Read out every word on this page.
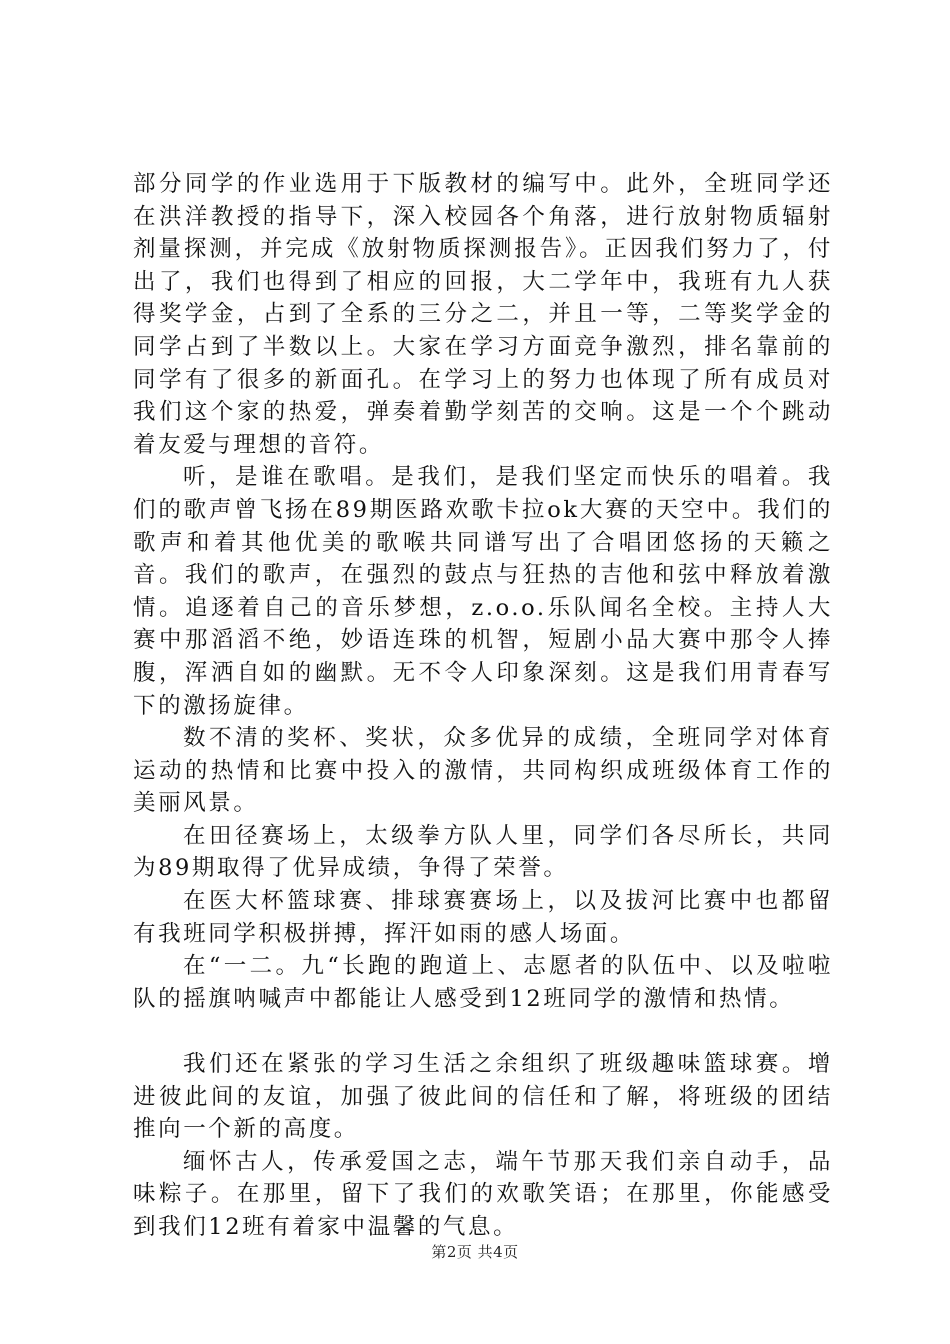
部分同学的作业选用于下版教材的编写中。此外，全班同学还在洪洋教授的指导下，深入校园各个角落，进行放射物质辐射剂量探测，并完成《放射物质探测报告》。正因我们努力了，付出了，我们也得到了相应的回报，大二学年中，我班有九人获得奖学金，占到了全系的三分之二，并且一等，二等奖学金的同学占到了半数以上。大家在学习方面竞争激烈，排名靠前的同学有了很多的新面孔。在学习上的努力也体现了所有成员对我们这个家的热爱，弹奏着勤学刻苦的交响。这是一个个跳动着友爱与理想的音符。

听，是谁在歌唱。是我们，是我们坚定而快乐的唱着。我们的歌声曾飞扬在89期医路欢歌卡拉ok大赛的天空中。我们的歌声和着其他优美的歌喉共同谱写出了合唱团悠扬的天籁之音。我们的歌声，在强烈的鼓点与狂热的吉他和弦中释放着激情。追逐着自己的音乐梦想，z.o.o.乐队闻名全校。主持人大赛中那滔滔不绝，妙语连珠的机智，短剧小品大赛中那令人捧腹，浑洒自如的幽默。无不令人印象深刻。这是我们用青春写下的激扬旋律。

数不清的奖杯、奖状，众多优异的成绩，全班同学对体育运动的热情和比赛中投入的激情，共同构织成班级体育工作的美丽风景。

在田径赛场上，太级拳方队人里，同学们各尽所长，共同为89期取得了优异成绩，争得了荣誉。

在医大杯篮球赛、排球赛赛场上，以及拔河比赛中也都留有我班同学积极拼搏，挥汗如雨的感人场面。

在“一二。九“长跑的跑道上、志愿者的队伍中、以及啦啦队的摇旗呐喊声中都能让人感受到12班同学的激情和热情。

我们还在紧张的学习生活之余组织了班级趣味篮球赛。增进彼此间的友谊，加强了彼此间的信任和了解，将班级的团结推向一个新的高度。

缅怀古人，传承爱国之志，端午节那天我们亲自动手，品味粽子。在那里，留下了我们的欢歌笑语；在那里，你能感受到我们12班有着家中温馨的气息。

第2页 共4页
